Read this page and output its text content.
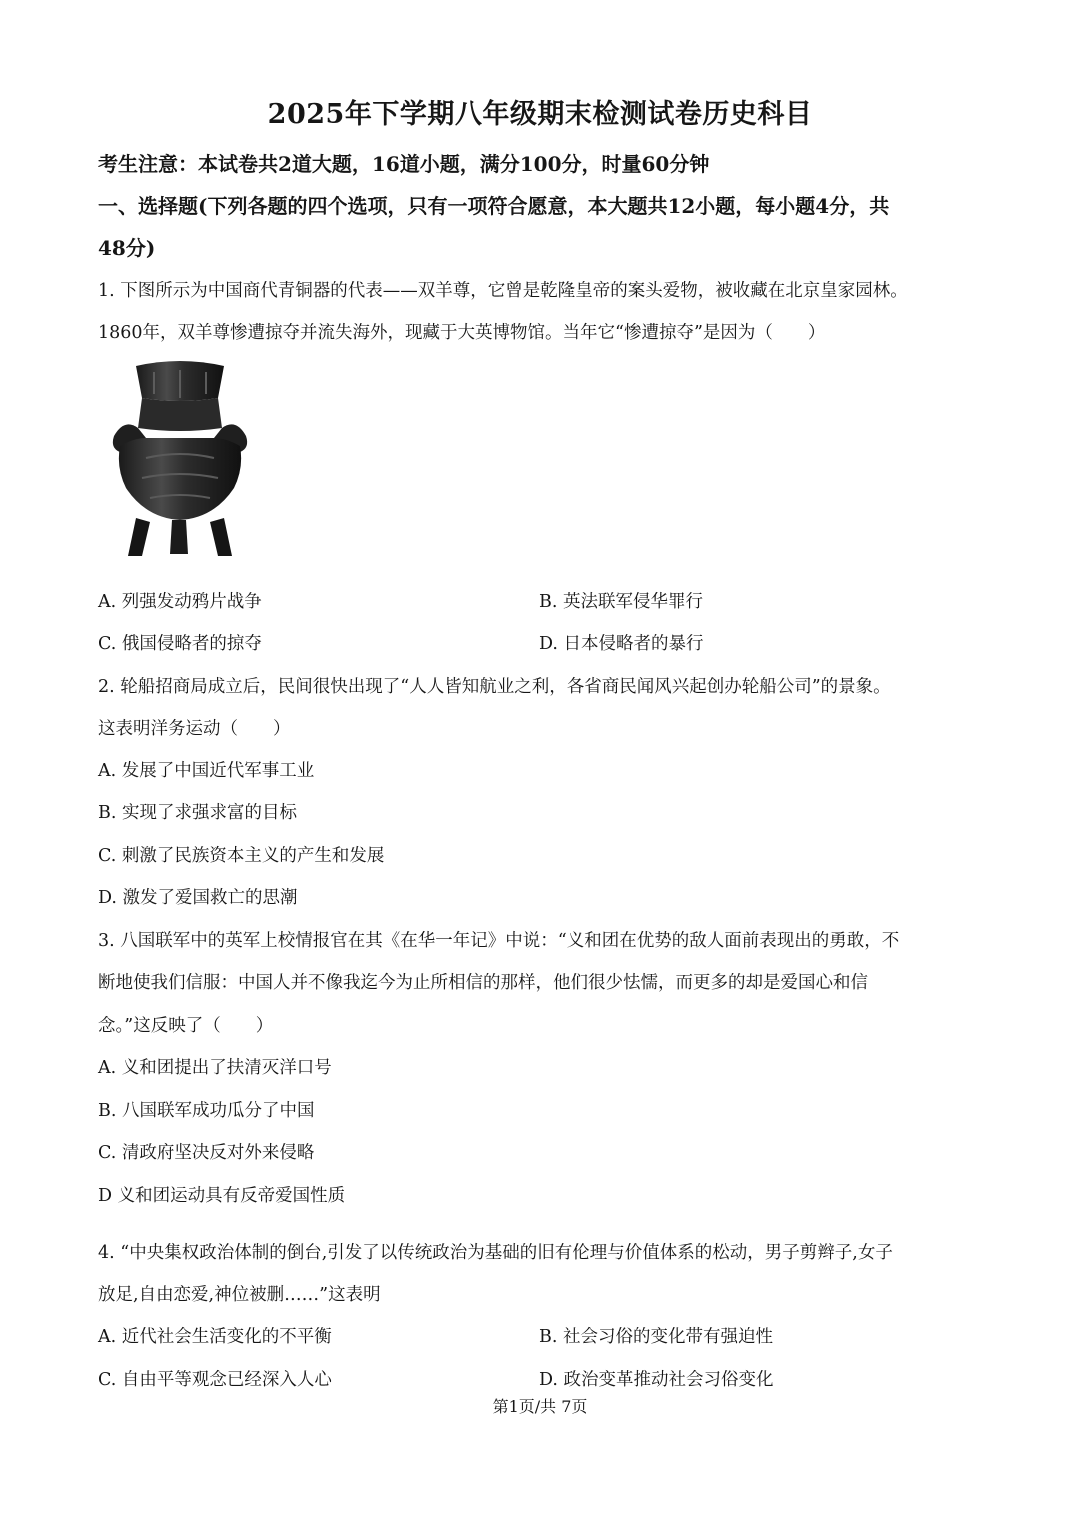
2025年下学期八年级期末检测试卷历史科目
考生注意：本试卷共2道大题，16道小题，满分100分，时量60分钟
一、选择题(下列各题的四个选项，只有一项符合愿意，本大题共12小题，每小题4分，共
48分)
1. 下图所示为中国商代青铜器的代表——双羊尊，它曾是乾隆皇帝的案头爱物，被收藏在北京皇家园林。
1860年，双羊尊惨遭掠夺并流失海外，现藏于大英博物馆。当年它“惨遭掠夺”是因为（　　）
A. 列强发动鸦片战争	B. 英法联军侵华罪行
C. 俄国侵略者的掠夺	D. 日本侵略者的暴行
2. 轮船招商局成立后，民间很快出现了“人人皆知航业之利，各省商民闻风兴起创办轮船公司”的景象。
这表明洋务运动（　　）
A. 发展了中国近代军事工业
B. 实现了求强求富的目标
C. 刺激了民族资本主义的产生和发展
D. 激发了爱国救亡的思潮
3. 八国联军中的英军上校情报官在其《在华一年记》中说：“义和团在优势的敌人面前表现出的勇敢，不
断地使我们信服：中国人并不像我迄今为止所相信的那样，他们很少怯懦，而更多的却是爱国心和信
念。”这反映了（　　）
A. 义和团提出了扶清灭洋口号
B. 八国联军成功瓜分了中国
C. 清政府坚决反对外来侵略
D 义和团运动具有反帝爱国性质
4. “中央集权政治体制的倒台,引发了以传统政治为基础的旧有伦理与价值体系的松动，男子剪辫子,女子
放足,自由恋爱,神位被删……”这表明
A. 近代社会生活变化的不平衡	B. 社会习俗的变化带有强迫性
C. 自由平等观念已经深入人心	D. 政治变革推动社会习俗变化
第1页/共 7页
